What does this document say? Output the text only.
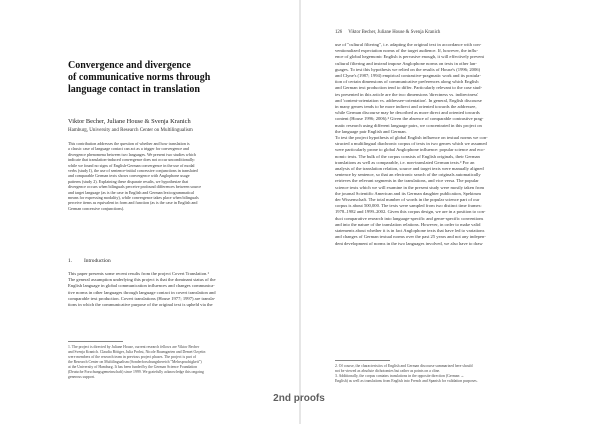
Convergence and divergence
of communicative norms through
language contact in translation
Viktor Becher, Juliane House & Svenja Kranich
Hamburg, University and Research Center on Multilingualism
This contribution addresses the question of whether and how translation is
a classic case of language contact can act as a trigger for convergence and
divergence phenomena between two languages. We present two studies which
indicate that translation-induced convergence does not occur unconditionally:
while we found no signs of English-German convergence in the use of modal
verbs (study I), the use of sentence-initial concessive conjunctions in translated
and comparable German texts shows convergence with Anglophone usage
patterns (study 2). Explaining these disparate results, we hypothesize that
divergence occurs when bilinguals perceive profound differences between source
and target language (as is the case in English and German lexicogrammatical
means for expressing modality), while convergence takes place when bilinguals
perceive items as equivalent in form and function (as is the case in English and
German concessive conjunctions).
1. Introduction
This paper presents some recent results from the project Covert Translation.¹
The general assumption underlying this project is that the dominant status of the
English language in global communication influences and changes communica-
tive norms in other languages through language contact in covert translation and
comparable text production. Covert translations (House 1977; 1997) are transla-
tions in which the communicative purpose of the original text is upheld via the
1. The project is directed by Juliane House, current research fellows are Viktor Becher
and Svenja Kranich. Claudia Böttger, Julia Probst, Nicole Baumgarten and Demet Özçetin
were members of the research team in previous project phases. The project is part of
the Research Center on Multilingualism (Sonderforschungsbereich "Mehrsprachigkeit")
at the University of Hamburg. It has been funded by the German Science Foundation
(Deutsche Forschungsgemeinschaft) since 1999. We gratefully acknowledge this ongoing
generous support.
126 Viktor Becher, Juliane House & Svenja Kranich
use of "cultural filtering", i.e. adapting the original text in accordance with con-
ventionalized expectation norms of the target audience. If, however, the influ-
ence of global hegemonic English is pervasive enough, it will effectively prevent
cultural filtering and instead impose Anglophone norms on texts in other lan-
guages. To test this hypothesis we relied on the results of House's (1996; 2006)
and Clyne's (1987; 1994) empirical contrastive-pragmatic work and its postula-
tion of certain dimensions of communicative preferences along which English
and German text production tend to differ. Particularly relevant to the case stud-
ies presented in this article are the two dimensions 'directness vs. indirectness'
and 'content-orientation vs. addressee-orientation'. In general, English discourse
in many genres tends to be more indirect and oriented towards the addressee,
while German discourse may be described as more direct and oriented towards
content (House 1996; 2006).² Given the absence of comparable contrastive prag-
matic research using different language pairs, we concentrated in this project on
the language pair English and German.
To test the project hypothesis of global English influence on textual norms we con-
structed a multilingual diachronic corpus of texts in two genres which we assumed
were particularly prone to global Anglophone influence: popular science and eco-
nomic texts. The bulk of the corpus consists of English originals, their German
translations as well as comparable, i.e. non-translated German texts.³ For an
analysis of the translation relation, source and target texts were manually aligned
sentence by sentence, so that an electronic search of the originals automatically
retrieves the relevant segments in the translations, and vice versa. The popular
science texts which we will examine in the present study were mostly taken from
the journal Scientific American and its German daughter publication, Spektrum
der Wissenschaft. The total number of words in the popular science part of our
corpus is about 500,000. The texts were sampled from two distinct time frames:
1978–1982 and 1999–2002. Given this corpus design, we are in a position to con-
duct comparative research into language-specific and genre-specific conventions
and into the nature of the translation relations. However, in order to make valid
statements about whether it is in fact Anglophone texts that have led to variations
and changes of German textual norms over the past 25 years and not any indepen-
dent development of norms in the two languages involved, we also have to draw
2. Of course, the characteristics of English and German discourse summarized here should
not be viewed as absolute dichotomies but rather as points on a cline.
3. Additionally, the corpus contains translations in the opposite direction (German →
English) as well as translations from English into French and Spanish for validation purposes.
2nd proofs
